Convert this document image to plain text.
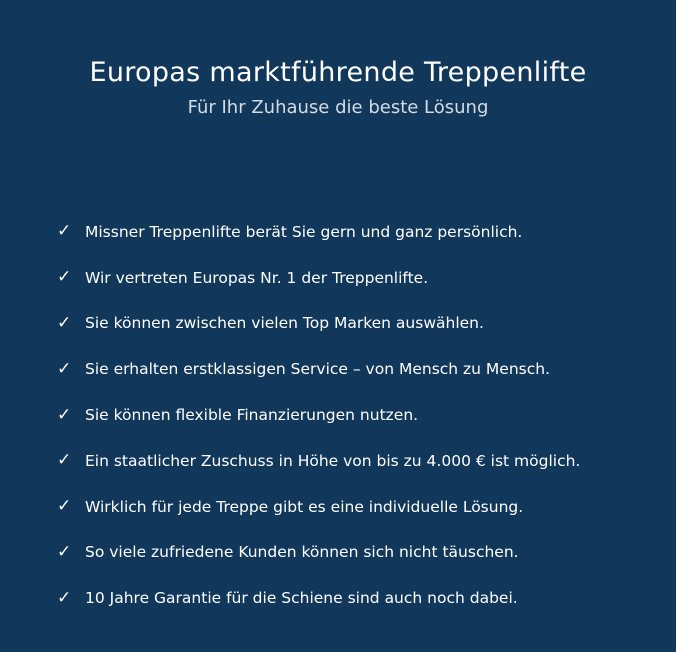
Europas marktführende Treppenlifte

Für Ihr Zuhause die beste Lösung

✓ Missner Treppenlifte berät Sie gern und ganz persönlich.
✓ Wir vertreten Europas Nr. 1 der Treppenlifte.
✓ Sie können zwischen vielen Top Marken auswählen.
✓ Sie erhalten erstklassigen Service – von Mensch zu Mensch.
✓ Sie können flexible Finanzierungen nutzen.
✓ Ein staatlicher Zuschuss in Höhe von bis zu 4.000 € ist möglich.
✓ Wirklich für jede Treppe gibt es eine individuelle Lösung.
✓ So viele zufriedene Kunden können sich nicht täuschen.
✓ 10 Jahre Garantie für die Schiene sind auch noch dabei.
